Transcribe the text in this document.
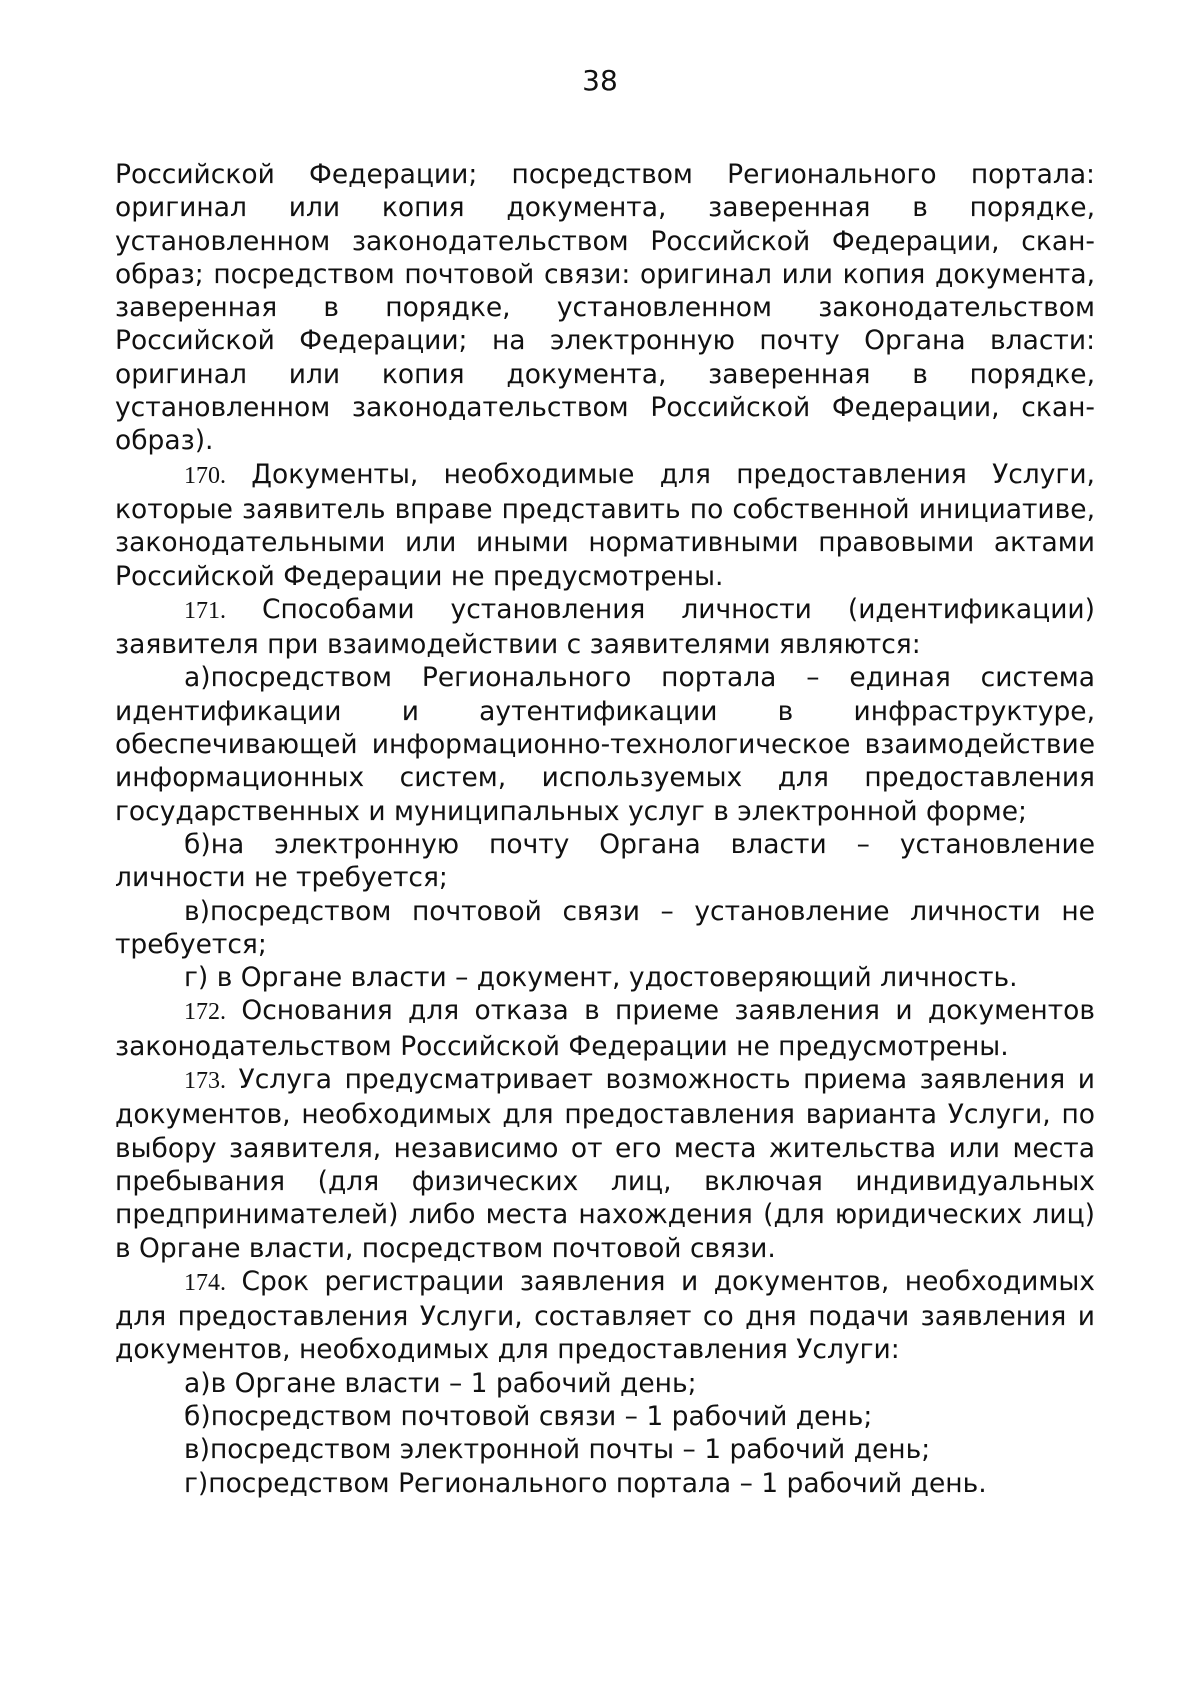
38

Российской Федерации; посредством Регионального портала: оригинал или копия документа, заверенная в порядке, установленном законодательством Российской Федерации, скан-образ; посредством почтовой связи: оригинал или копия документа, заверенная в порядке, установленном законодательством Российской Федерации; на электронную почту Органа власти: оригинал или копия документа, заверенная в порядке, установленном законодательством Российской Федерации, скан-образ).

170. Документы, необходимые для предоставления Услуги, которые заявитель вправе представить по собственной инициативе, законодательными или иными нормативными правовыми актами Российской Федерации не предусмотрены.

171. Способами установления личности (идентификации) заявителя при взаимодействии с заявителями являются:

а)посредством Регионального портала – единая система идентификации и аутентификации в инфраструктуре, обеспечивающей информационно-технологическое взаимодействие информационных систем, используемых для предоставления государственных и муниципальных услуг в электронной форме;

б)на электронную почту Органа власти – установление личности не требуется;

в)посредством почтовой связи – установление личности не требуется;

г) в Органе власти – документ, удостоверяющий личность.

172. Основания для отказа в приеме заявления и документов законодательством Российской Федерации не предусмотрены.

173. Услуга предусматривает возможность приема заявления и документов, необходимых для предоставления варианта Услуги, по выбору заявителя, независимо от его места жительства или места пребывания (для физических лиц, включая индивидуальных предпринимателей) либо места нахождения (для юридических лиц) в Органе власти, посредством почтовой связи.

174. Срок регистрации заявления и документов, необходимых для предоставления Услуги, составляет со дня подачи заявления и документов, необходимых для предоставления Услуги:

а)в Органе власти – 1 рабочий день;

б)посредством почтовой связи – 1 рабочий день;

в)посредством электронной почты – 1 рабочий день;

г)посредством Регионального портала – 1 рабочий день.
